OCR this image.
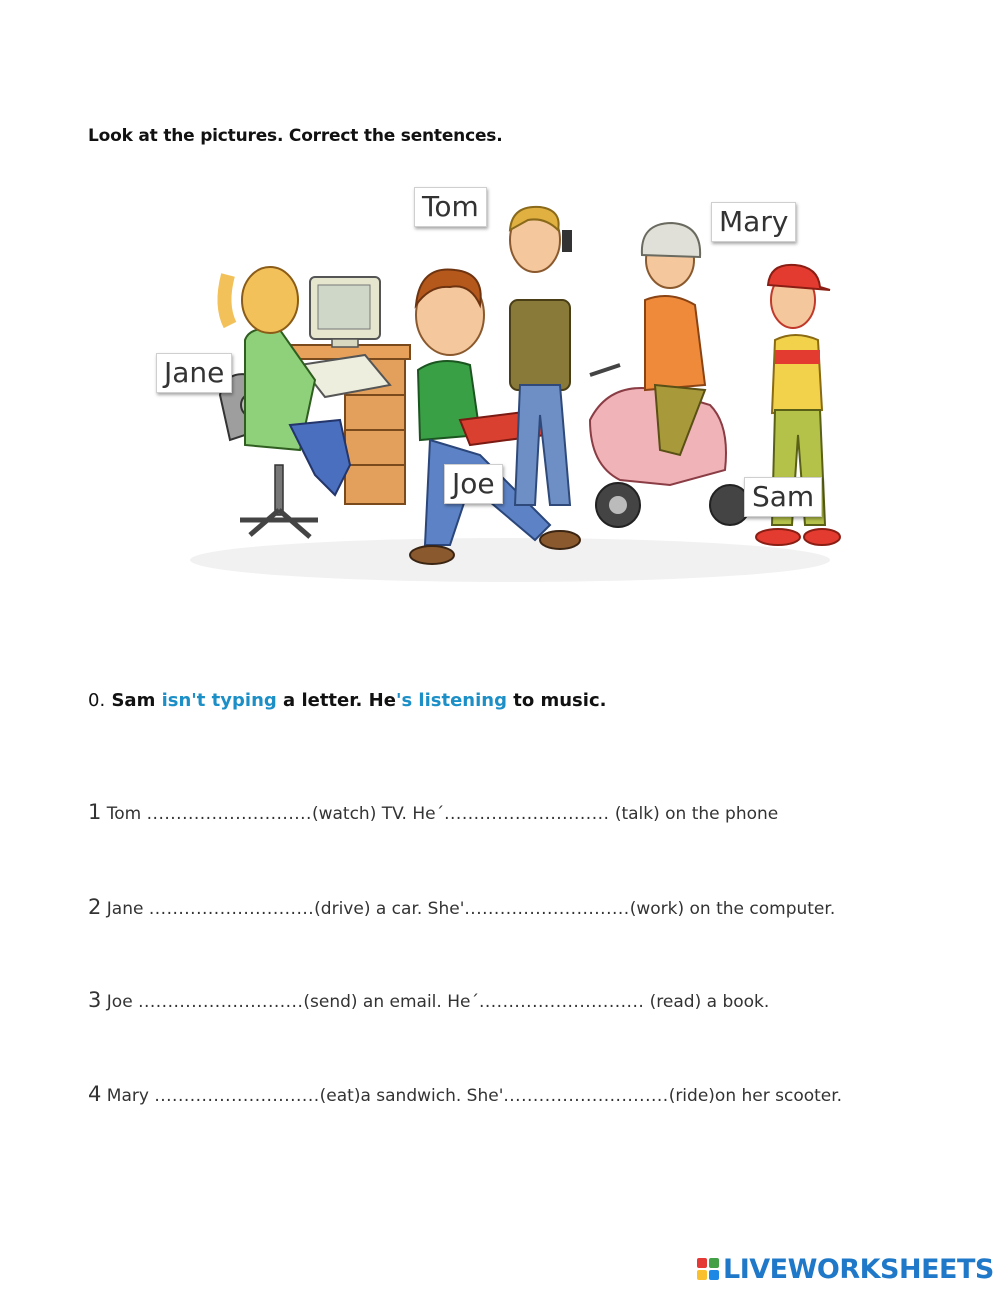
Look at the pictures. Correct the sentences.
Tom	Mary
Jane
Joe	Sam
0. Sam isn't typing a letter. He's listening to music.
1 Tom ............................(watch) TV. He´............................ (talk) on the phone
2 Jane ............................(drive) a car. She'............................(work) on the computer.
3 Joe ............................(send) an email. He´............................ (read) a book.
4 Mary ............................(eat)a sandwich. She'............................(ride)on her scooter.
LIVEWORKSHEETS
